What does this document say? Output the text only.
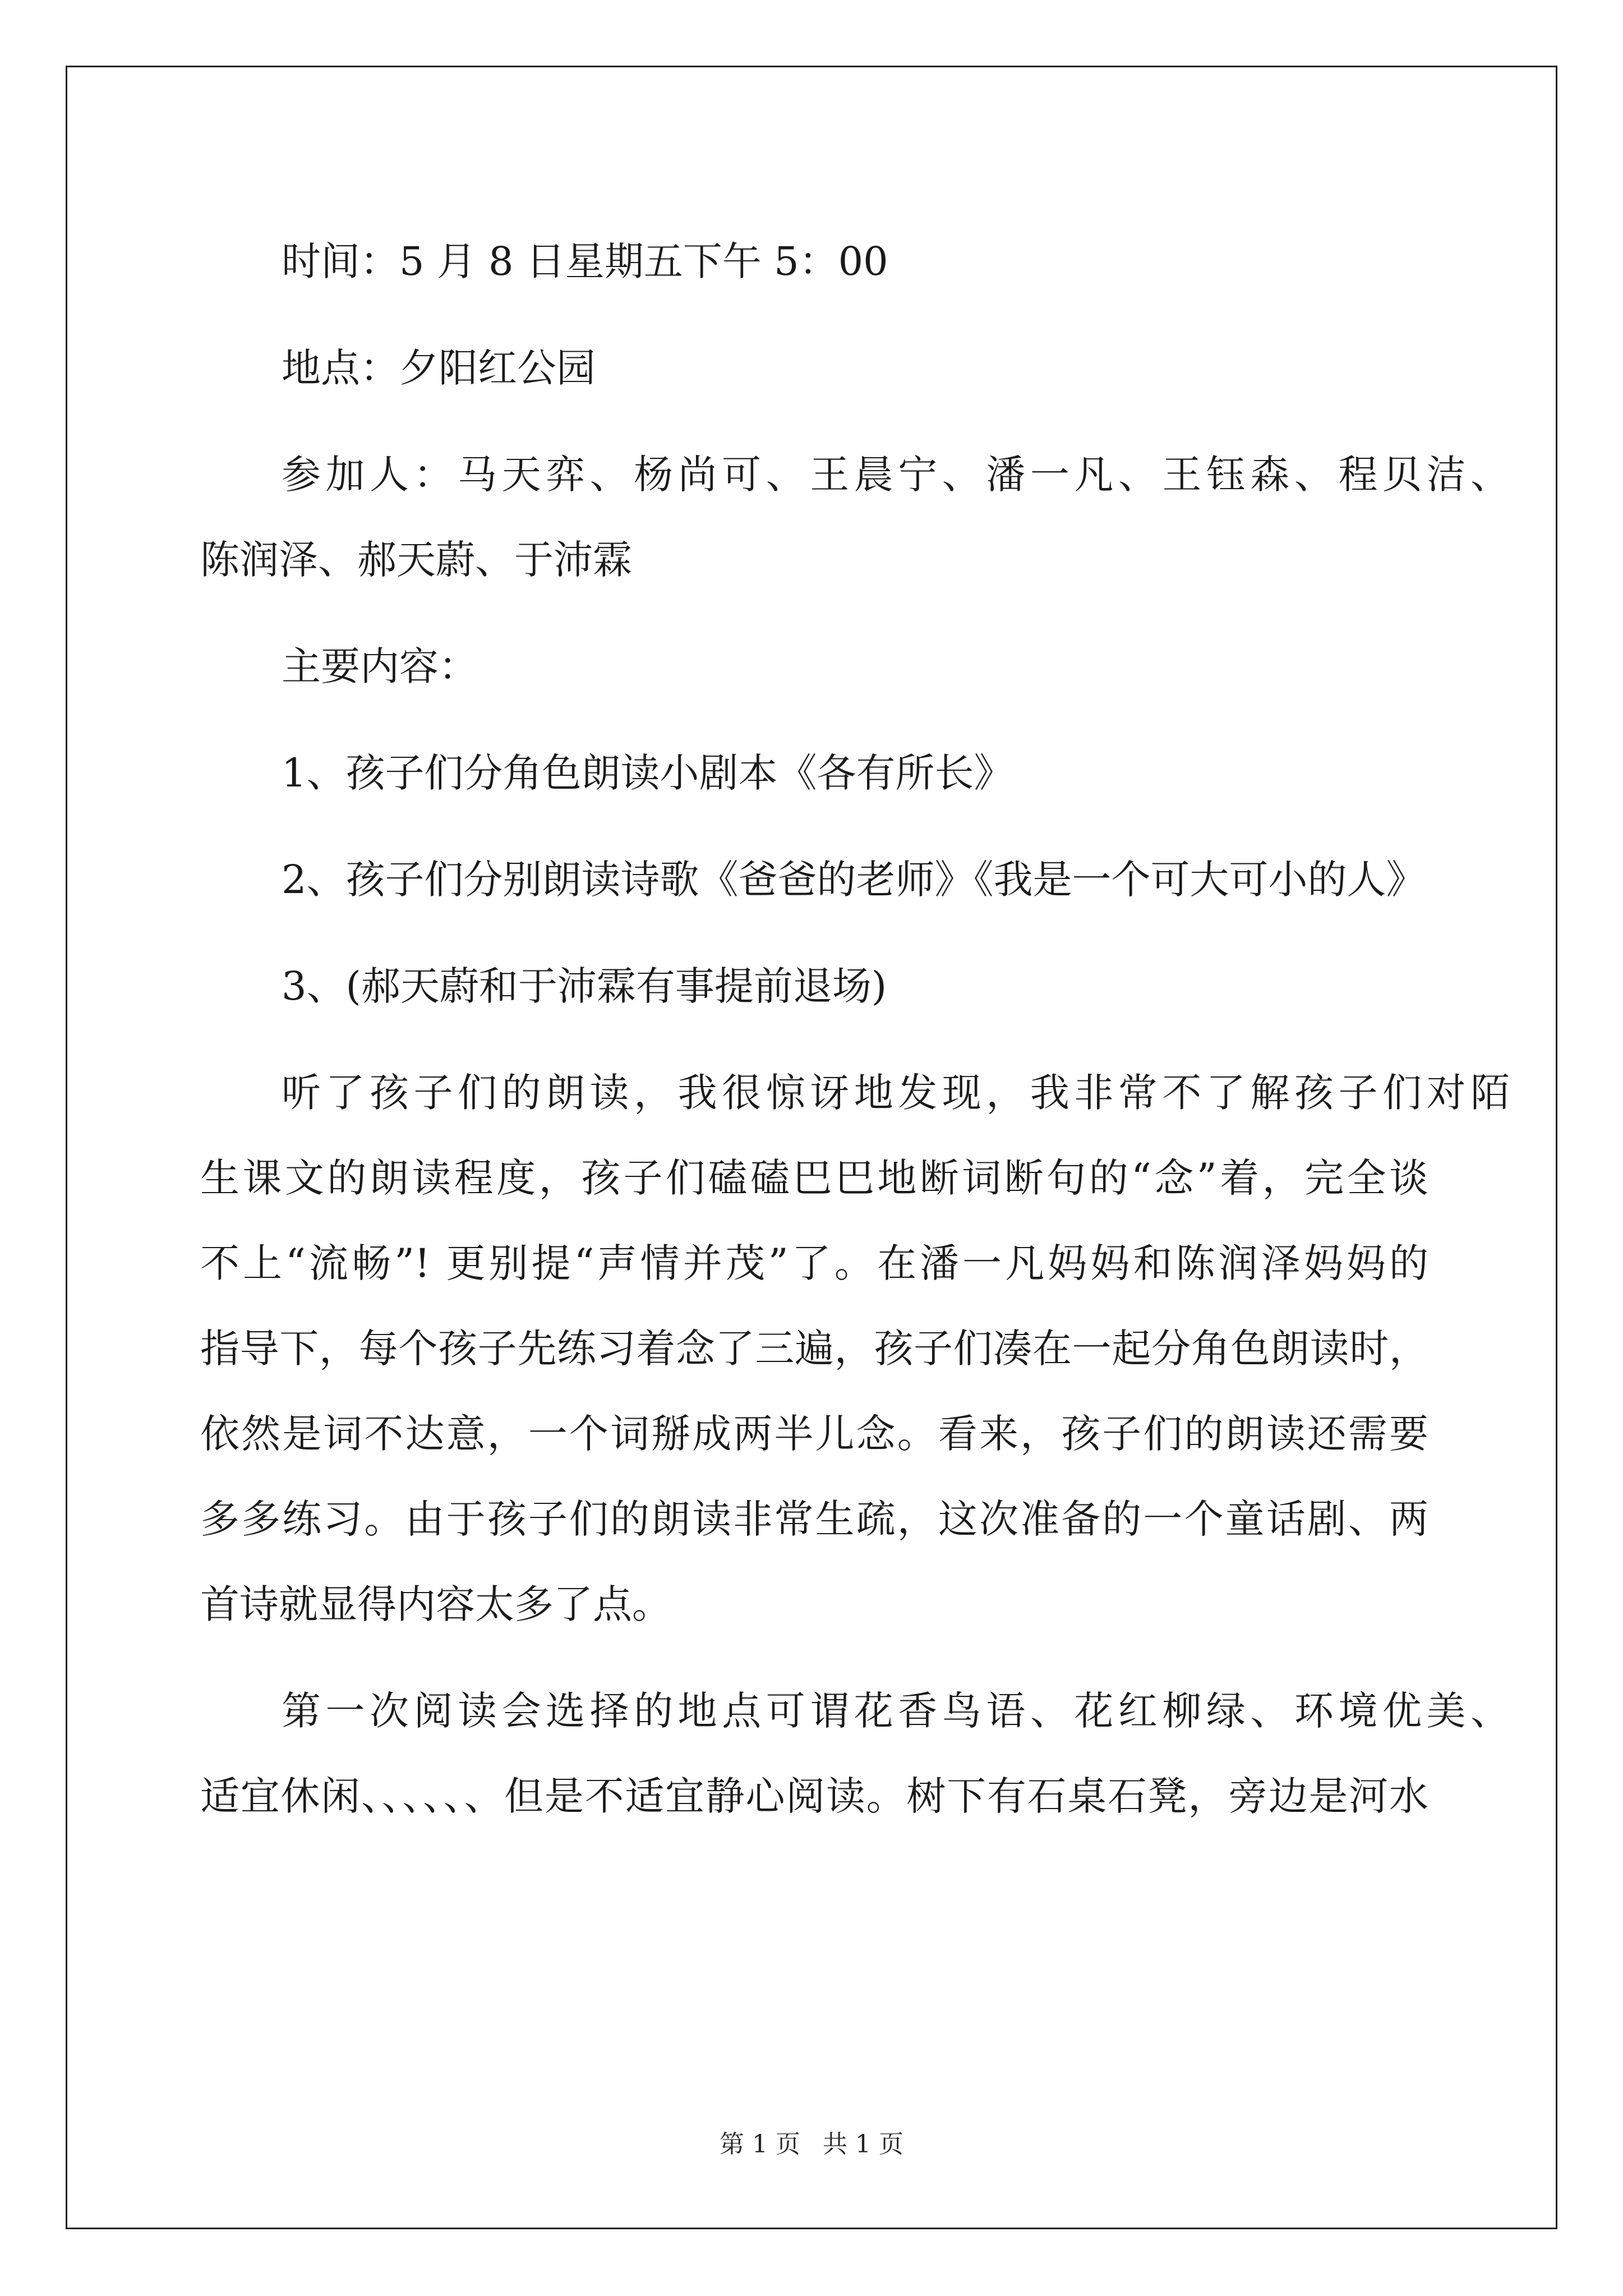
时间：5 月 8 日星期五下午 5：00
地点：夕阳红公园
参加人：马天弈、杨尚可、王晨宁、潘一凡、王钰森、程贝洁、
陈润泽、郝天蔚、于沛霖
主要内容：
1、孩子们分角色朗读小剧本《各有所长》
2、孩子们分别朗读诗歌《爸爸的老师》《我是一个可大可小的人》
3、(郝天蔚和于沛霖有事提前退场)
听了孩子们的朗读，我很惊讶地发现，我非常不了解孩子们对陌
生课文的朗读程度，孩子们磕磕巴巴地断词断句的“念”着，完全谈
不上“流畅”! 更别提“声情并茂”了。在潘一凡妈妈和陈润泽妈妈的
指导下，每个孩子先练习着念了三遍，孩子们凑在一起分角色朗读时，
依然是词不达意，一个词掰成两半儿念。看来，孩子们的朗读还需要
多多练习。由于孩子们的朗读非常生疏，这次准备的一个童话剧、两
首诗就显得内容太多了点。
第一次阅读会选择的地点可谓花香鸟语、花红柳绿、环境优美、
适宜休闲、、、、、、但是不适宜静心阅读。树下有石桌石凳，旁边是河水
第 1 页 共 1 页
